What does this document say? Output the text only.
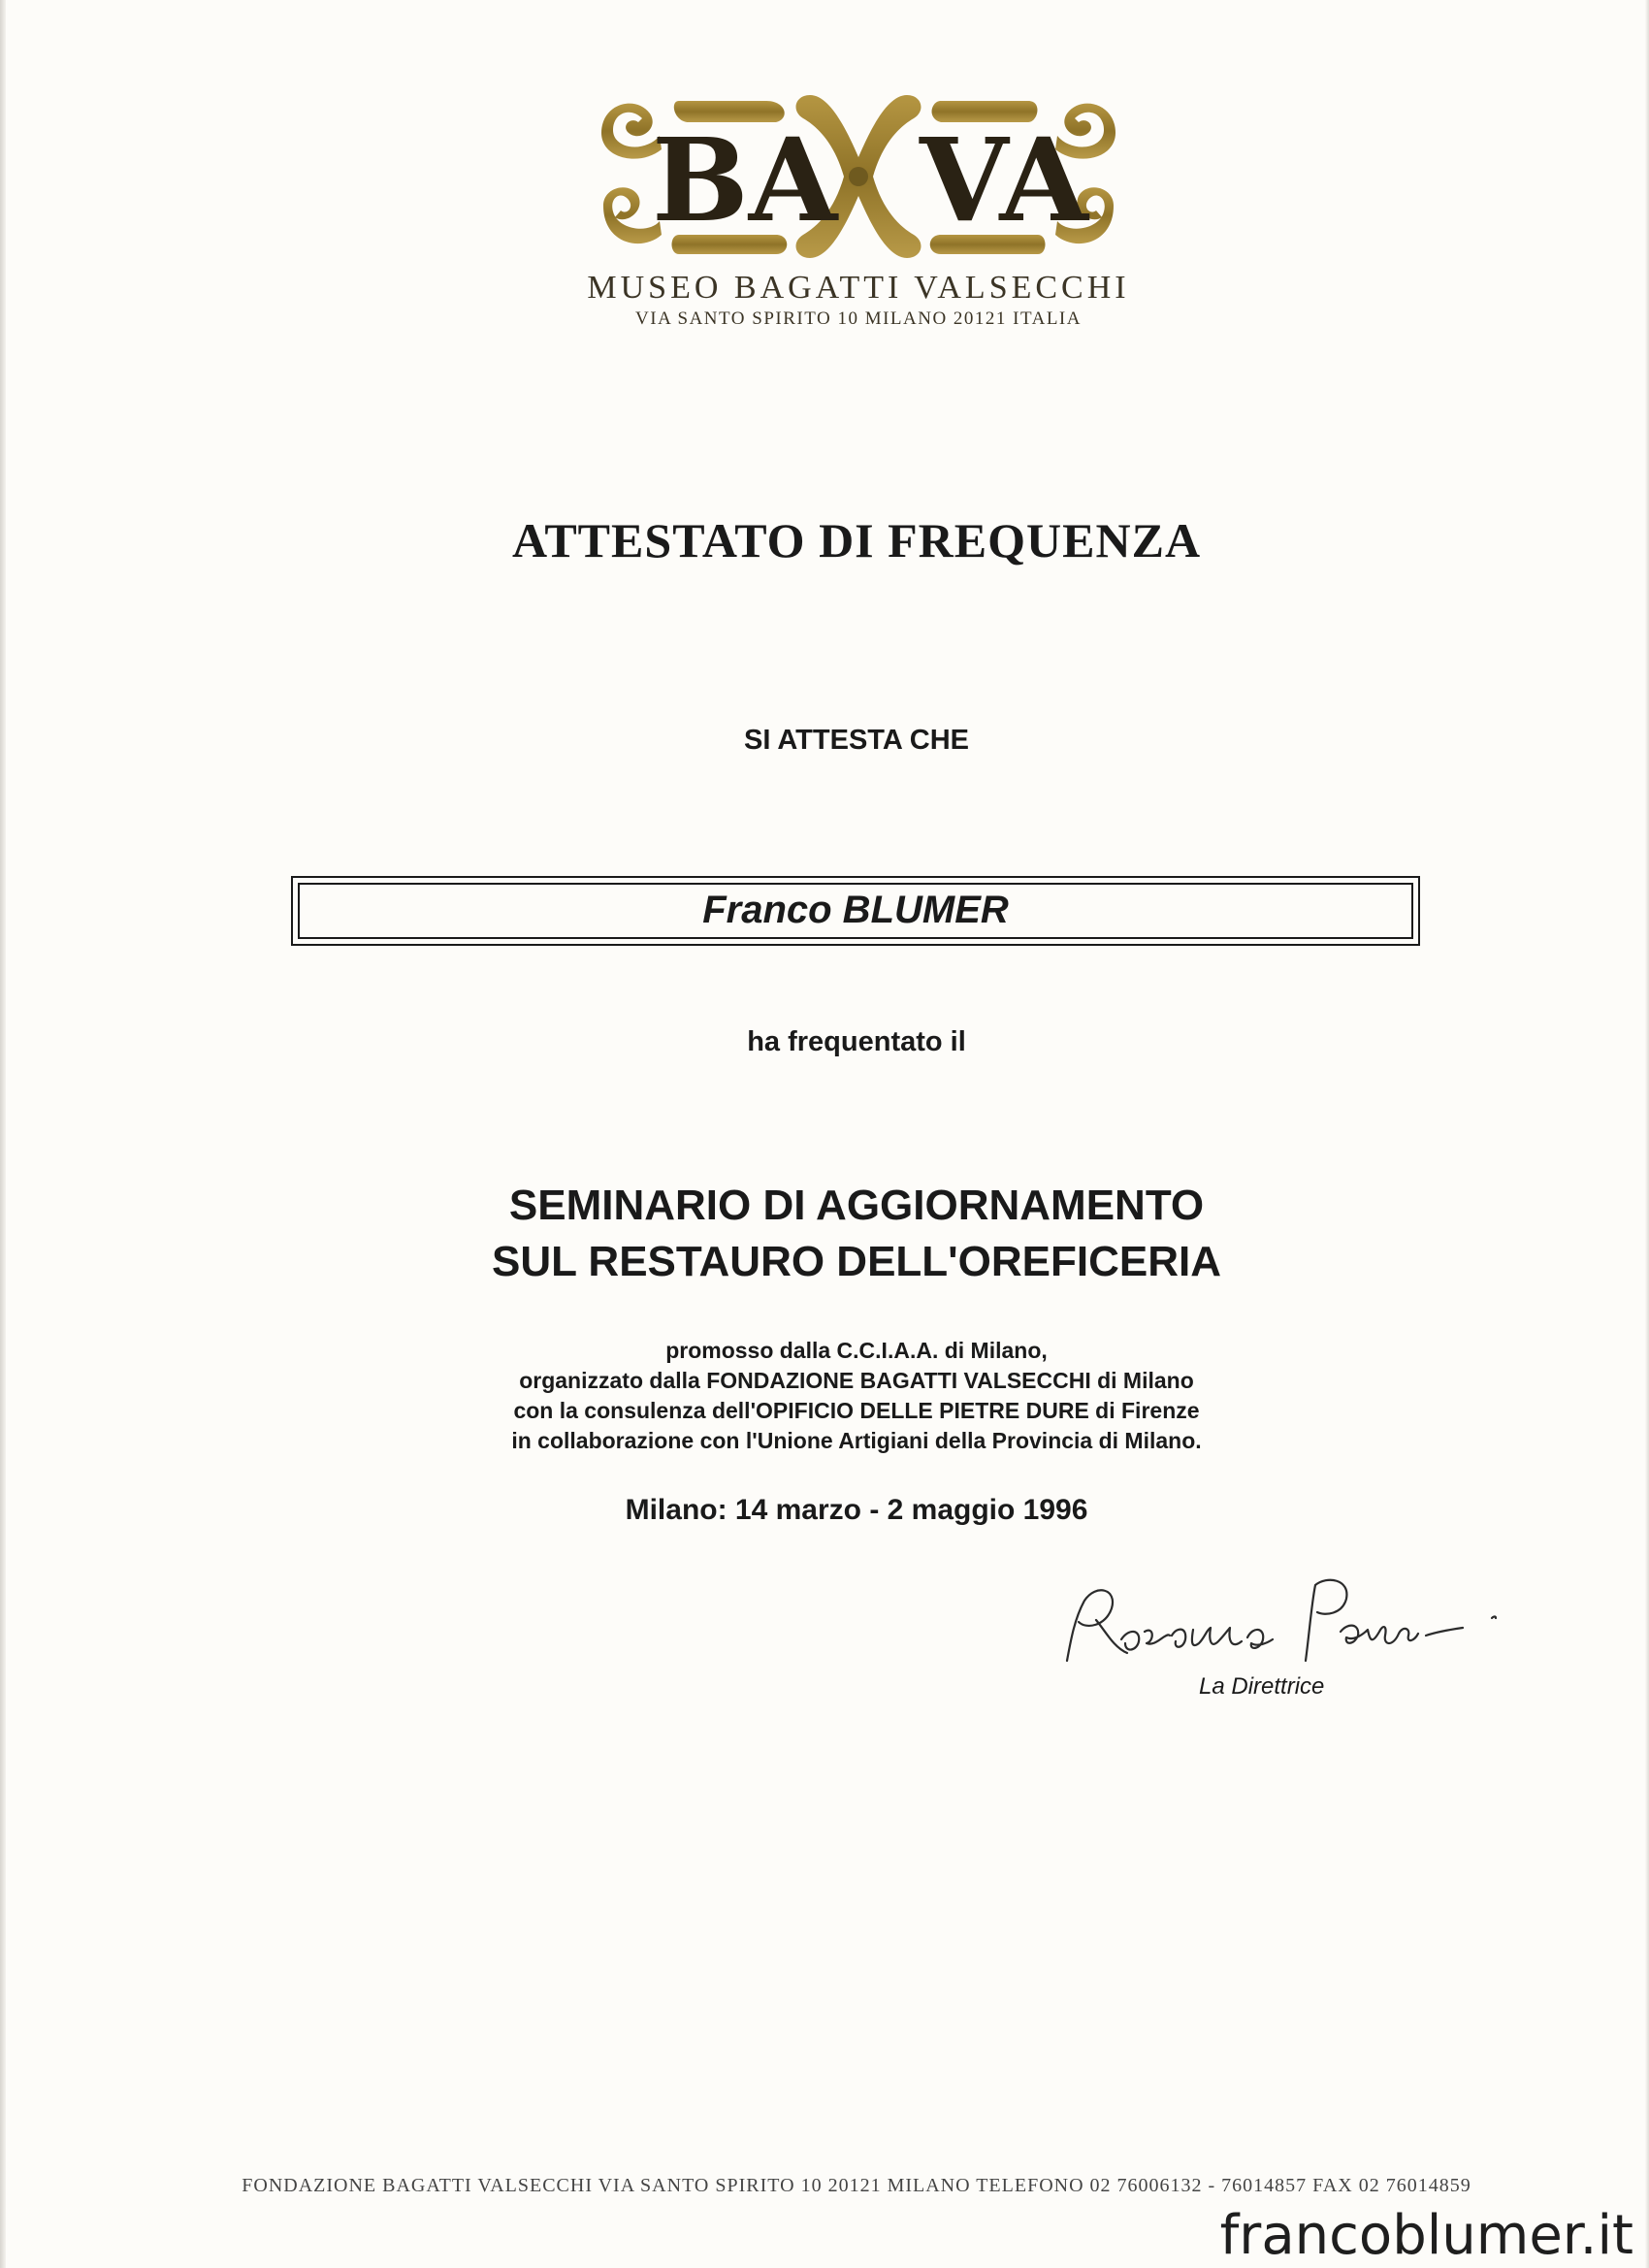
BA VA
MUSEO BAGATTI VALSECCHI
VIA SANTO SPIRITO 10 MILANO 20121 ITALIA
ATTESTATO DI FREQUENZA
SI ATTESTA CHE
Franco BLUMER
ha frequentato il
SEMINARIO DI AGGIORNAMENTO
SUL RESTAURO DELL'OREFICERIA
promosso dalla C.C.I.A.A. di Milano,
organizzato dalla FONDAZIONE BAGATTI VALSECCHI di Milano
con la consulenza dell'OPIFICIO DELLE PIETRE DURE di Firenze
in collaborazione con l'Unione Artigiani della Provincia di Milano.
Milano: 14 marzo - 2 maggio 1996
La Direttrice
FONDAZIONE BAGATTI VALSECCHI VIA SANTO SPIRITO 10 20121 MILANO TELEFONO 02 76006132 - 76014857 FAX 02 76014859
francoblumer.it
